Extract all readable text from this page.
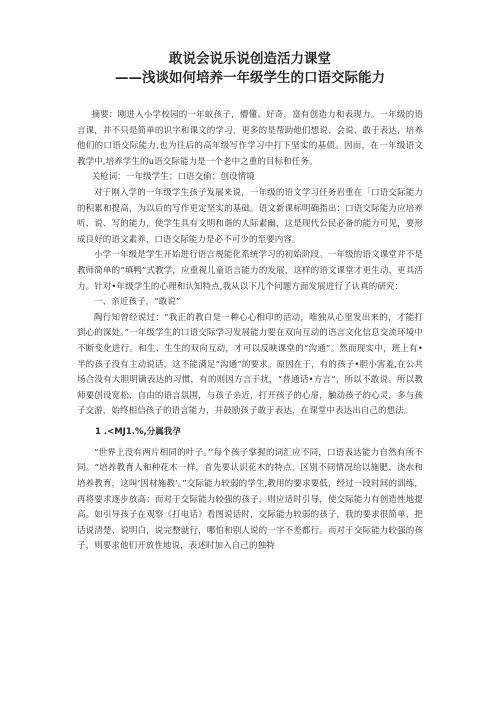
敢说会说乐说创造活力课堂
——浅谈如何培养一年级学生的口语交际能力

摘要：刚进入小学校园的一年蚁孩子，懵懂、好奇，富有创造力和表现力。一年级的语言课，并不只是简单的识字和课文的学习，更多的是帮助他们想说、会说、敢于表达，培养他们的口语交际能力,也为往后的高年级写作学习中打下坚实的基债。因而，在一年级语文教学中,培养学生的u语交际能力是一个老中之重的目标和任务。

关枪词：一年级学生；口语交偷；创设情境

对于刚入学的一年级学生孩子发展来说，一年级的语文学习任务岩重在「口语交际能力的积累和提高，为以后的写作更定坚实的基础。语文新课标明确指出：口语交际能力应培养听、说、写的能力，使学生具有文明和谐的人际素幽，这是现代公民必备的能力可见，要形成良好的语文素养，口语交际能力是必不可少的至要内容。

小学一年级是学生开始进行语言规能化系统学习的初始阶段。一年级的语文课堂并不是教师简单的“填鸭”式教学，应重视儿童语言能力的发展，这样的语文课堂才更生动、更具活力。针对•年级学生的心理和认知特点,我从以下几个问题方面发展进行了认真的研究：

一、亲近孩子，“敢说”

陶行知曾经说过：“我正的教白是一种心心相印的活动，唯独从心里发出来的，才能打到心的深处。”一年级学生的口语交际学习发展能力要在双向互动的语言文化信息交流环境中不断变化进行。和生、生生的双向互动，才可以反映课堂的“沟通”。然而现实中，班上有•半的孩子没有主动说话，这不能满足“沟通”的要求。原因在于，有的孩子•胆小害羞,在公共场合没有大胆明确表达的习惯，有的则因方言干扰，“普通话•方言”，所以不敢说。所以教师要创设宽松、自由的语言氛围，与孩子亲近，打开孩子的心扉，触动孩子的心灵，多与孩子交游，始终相信孩子的语言能力，并鼓励孩子敢于表达，在课堂中表达出自己的想法。

1 .<MJ1.%,分属我孕

“世界上没有两片相同的叶子。’’每个孩子掌握的词汇应不同，口语表达能力自然有所不同。“培养教育人和种花木一样，首先要认识花木的特点，区别不同情况给以施肥、浇水和培养教育，这叫‘因材施教’。”交际能力较弱的学生,教用的要求要低，经过一段时间的训练，再将要求逐步放高：而对于交际能力较强的孩子，则应适时引导，使交际能力有创造性地提高。如引导孩子在观察《打电话》看图说话时，交际能力较弱的孩子，我的要求很简单，把话说清楚、说明白，说完整就行，哪怕和别人说的一字不差都行。而对于交际能力较强的孩子，则要求他们开放性地说，表述时加入自己的独特
